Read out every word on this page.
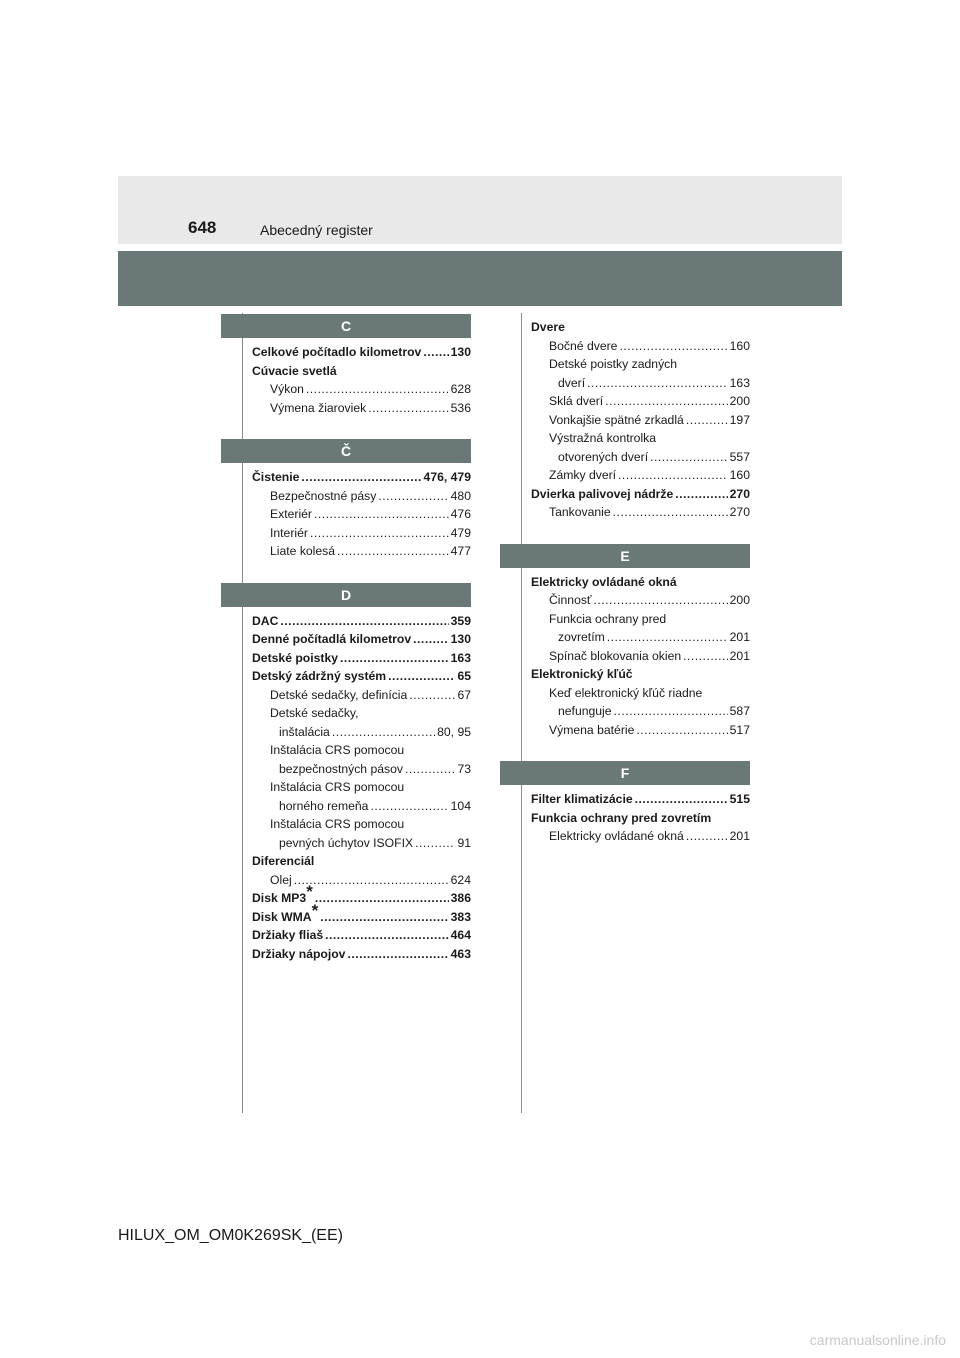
648	Abecedný register
C
Celkové počítadlo kilometrov ..... 130
Cúvacie svetlá
Výkon .....	628
Výmena žiaroviek .....	536
Č
Čistenie .....	476, 479
Bezpečnostné pásy .....	480
Exteriér .....	476
Interiér .....	479
Liate kolesá .....	477
D
DAC .....	359
Denné počítadlá kilometrov .....	130
Detské poistky .....	163
Detský zádržný systém .....	65
Detské sedačky, definícia .....	67
Detské sedačky,
inštalácia .....	80, 95
Inštalácia CRS pomocou
bezpečnostných pásov .....	73
Inštalácia CRS pomocou
horného remeňa .....	104
Inštalácia CRS pomocou
pevných úchytov ISOFIX .....	91
Diferenciál
Olej .....	624
Disk MP3* .....	386
Disk WMA* .....	383
Držiaky fliaš .....	464
Držiaky nápojov .....	463
Dvere
Bočné dvere .....	160
Detské poistky zadných
dverí .....	163
Sklá dverí .....	200
Vonkajšie spätné zrkadlá .....	197
Výstražná kontrolka
otvorených dverí .....	557
Zámky dverí .....	160
Dvierka palivovej nádrže .....	270
Tankovanie .....	270
E
Elektricky ovládané okná
Činnosť .....	200
Funkcia ochrany pred
zovretím .....	201
Spínač blokovania okien .....	201
Elektronický kľúč
Keď elektronický kľúč riadne
nefunguje .....	587
Výmena batérie .....	517
F
Filter klimatizácie .....	515
Funkcia ochrany pred zovretím
Elektricky ovládané okná .....	201
HILUX_OM_OM0K269SK_(EE)
carmanualsonline.info
